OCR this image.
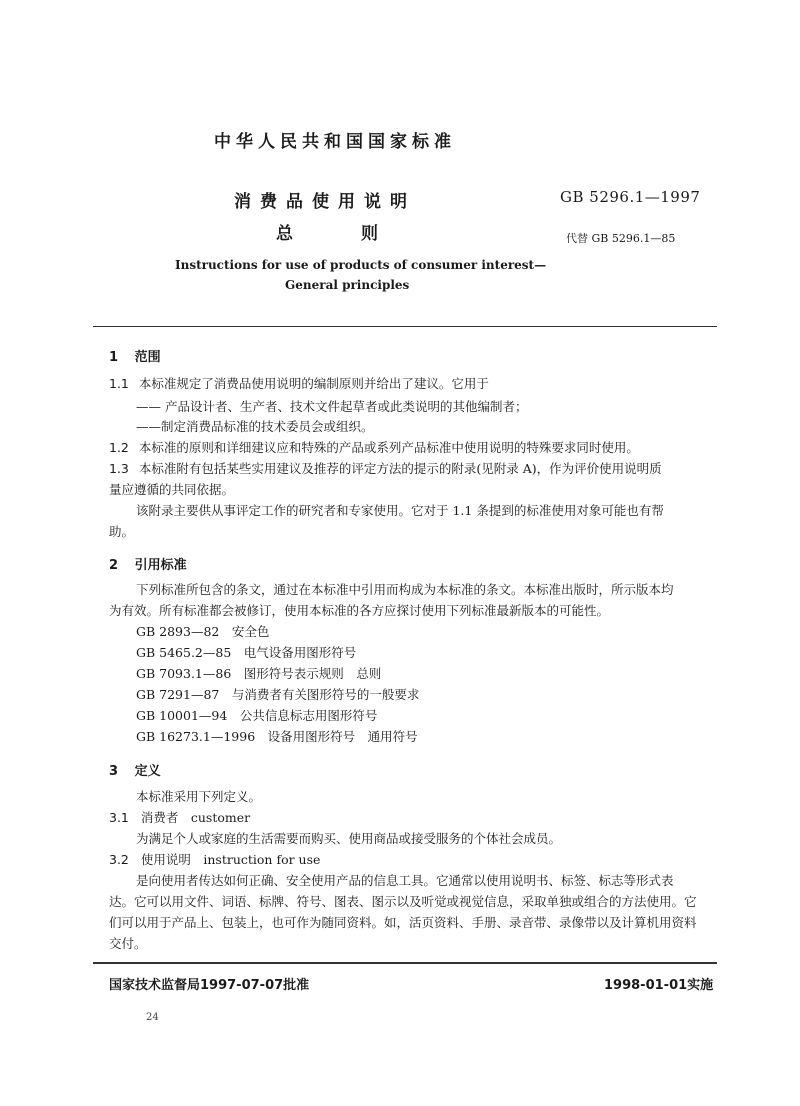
中华人民共和国国家标准
消费品使用说明
总　　　　则
GB 5296.1—1997
代替 GB 5296.1—85
Instructions for use of products of consumer interest—
General principles
1 范围
1.1 本标准规定了消费品使用说明的编制原则并给出了建议。它用于
—— 产品设计者、生产者、技术文件起草者或此类说明的其他编制者；
——制定消费品标准的技术委员会或组织。
1.2 本标准的原则和详细建议应和特殊的产品或系列产品标准中使用说明的特殊要求同时使用。
1.3 本标准附有包括某些实用建议及推荐的评定方法的提示的附录(见附录 A)，作为评价使用说明质
量应遵循的共同依据。
该附录主要供从事评定工作的研究者和专家使用。它对于 1.1 条提到的标准使用对象可能也有帮
助。
2 引用标准
下列标准所包含的条文，通过在本标准中引用而构成为本标准的条文。本标准出版时，所示版本均
为有效。所有标准都会被修订，使用本标准的各方应探讨使用下列标准最新版本的可能性。
GB 2893—82　安全色
GB 5465.2—85　电气设备用图形符号
GB 7093.1—86　图形符号表示规则　总则
GB 7291—87　与消费者有关图形符号的一般要求
GB 10001—94　公共信息标志用图形符号
GB 16273.1—1996　设备用图形符号　通用符号
3 定义
本标准采用下列定义。
3.1 消费者　customer
为满足个人或家庭的生活需要而购买、使用商品或接受服务的个体社会成员。
3.2 使用说明　instruction for use
是向使用者传达如何正确、安全使用产品的信息工具。它通常以使用说明书、标签、标志等形式表
达。它可以用文件、词语、标牌、符号、图表、图示以及听觉或视觉信息，采取单独或组合的方法使用。它
们可以用于产品上、包装上，也可作为随同资料。如，活页资料、手册、录音带、录像带以及计算机用资料
交付。
国家技术监督局1997-07-07批准	1998-01-01实施
24
